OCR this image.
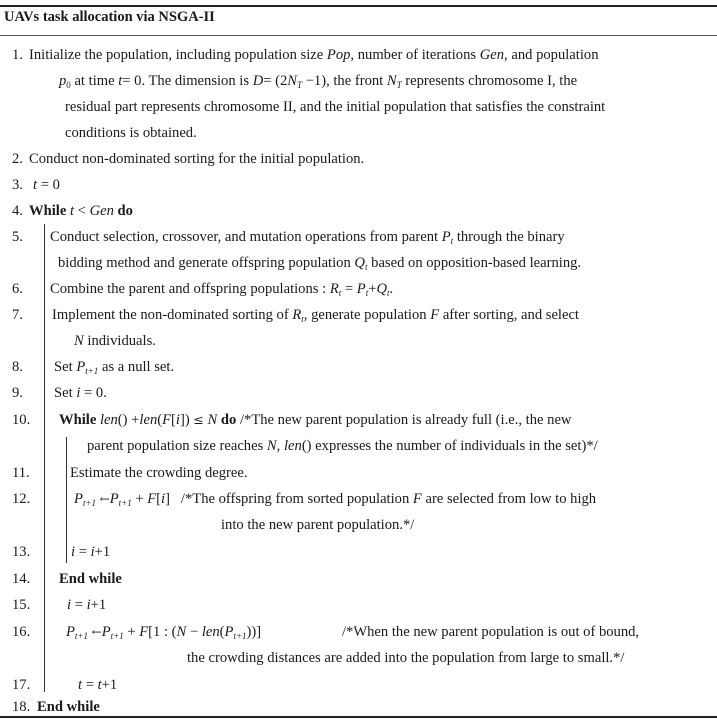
UAVs task allocation via NSGA-II
1. Initialize the population, including population size Pop, number of iterations Gen, and population
$p_0$ at time t= 0. The dimension is $D= (2N_T -1)$, the front $N_T$ represents chromosome I, the
residual part represents chromosome II, and the initial population that satisfies the constraint
conditions is obtained.
2. Conduct non-dominated sorting for the initial population.
3. t = 0
4. While t < Gen do
5. Conduct selection, crossover, and mutation operations from parent $P_t$ through the binary
bidding method and generate offspring population $Q_t$ based on opposition-based learning.
6. Combine the parent and offspring populations : $R_t = P_t+Q_t$.
7. Implement the non-dominated sorting of $R_t$, generate population F after sorting, and select
N individuals.
8. Set $P_{t+1}$ as a null set.
9. Set i = 0.
10. While len() +len(F[i]) ≤ N do /*The new parent population is already full (i.e., the new
parent population size reaches N, len() expresses the number of individuals in the set)*/
11.	Estimate the crowding degree.
12.	$P_{t+1}$ $\leftarrow P_{t+1} + F[i]$   /*The offspring from sorted population F are selected from low to high
into the new parent population.*/
13.	i = i+1
14. End while
15.	i = i+1
16. $P_{t+1}$ $\leftarrow P_{t+1} + F[1$ : $(N - len(P_{t+1}))$]	/*When the new parent population is out of bound,
the crowding distances are added into the population from large to small.*/
17.	t = t+1
18. End while
